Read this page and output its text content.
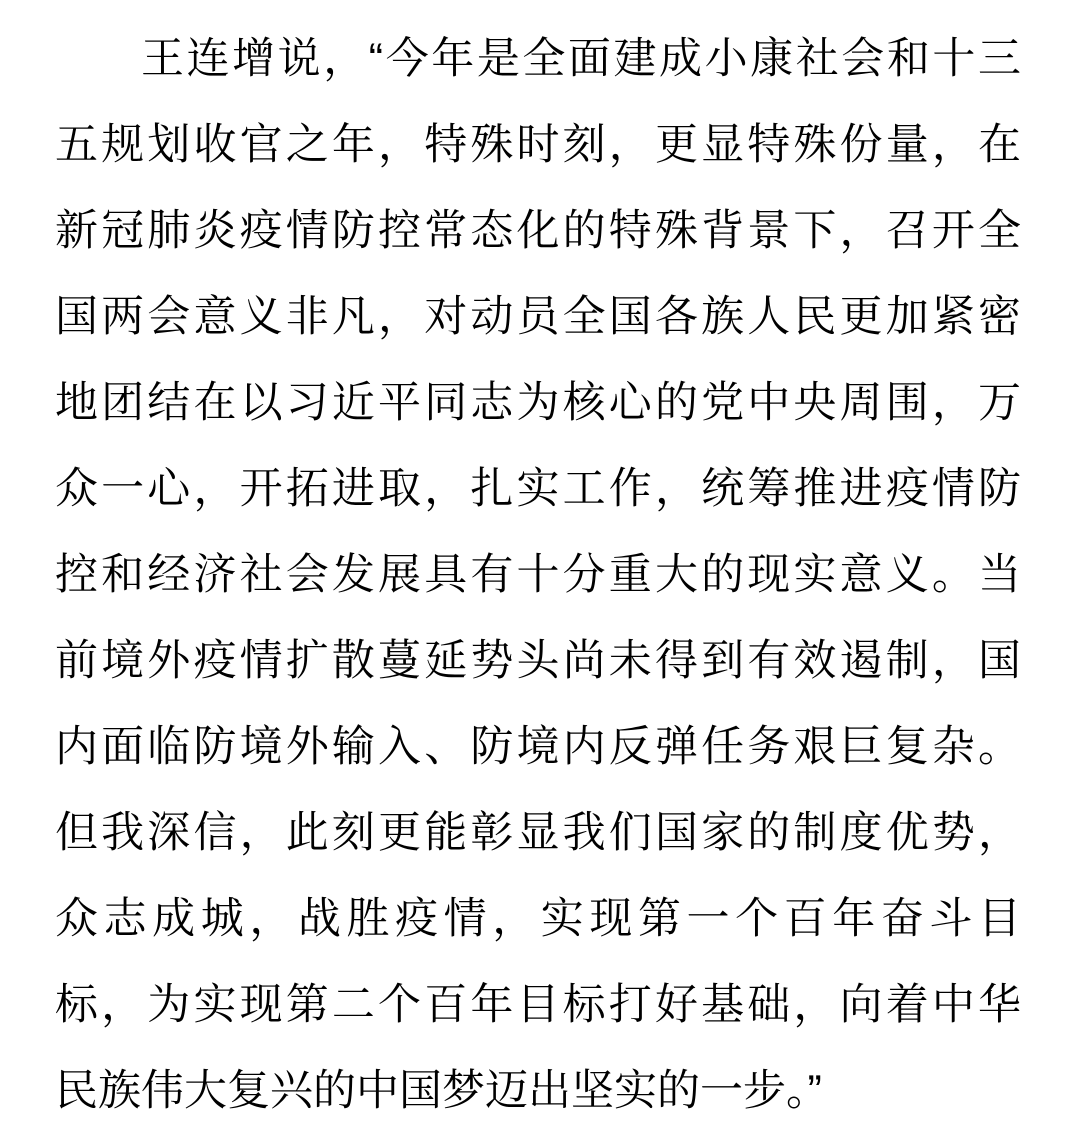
王连增说，“今年是全面建成小康社会和十三
五规划收官之年，特殊时刻，更显特殊份量，在
新冠肺炎疫情防控常态化的特殊背景下，召开全
国两会意义非凡，对动员全国各族人民更加紧密
地团结在以习近平同志为核心的党中央周围，万
众一心，开拓进取，扎实工作，统筹推进疫情防
控和经济社会发展具有十分重大的现实意义。当
前境外疫情扩散蔓延势头尚未得到有效遏制，国
内面临防境外输入、防境内反弹任务艰巨复杂。
但我深信，此刻更能彰显我们国家的制度优势，
众志成城，战胜疫情，实现第一个百年奋斗目
标，为实现第二个百年目标打好基础，向着中华
民族伟大复兴的中国梦迈出坚实的一步。”
